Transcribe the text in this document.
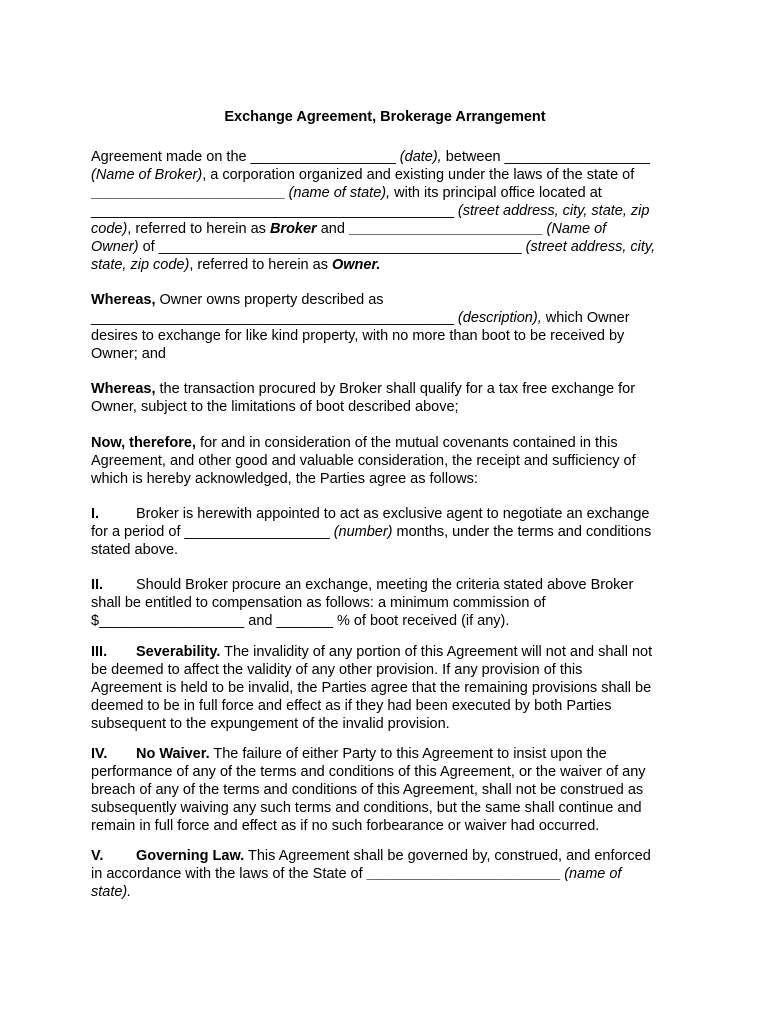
Exchange Agreement, Brokerage Arrangement
Agreement made on the __________________ (date), between __________________
(Name of Broker), a corporation organized and existing under the laws of the state of
________________________ (name of state), with its principal office located at
_____________________________________________ (street address, city, state, zip
code), referred to herein as Broker and ________________________ (Name of
Owner) of _____________________________________________ (street address, city,
state, zip code), referred to herein as Owner.
Whereas, Owner owns property described as
_____________________________________________ (description), which Owner
desires to exchange for like kind property, with no more than boot to be received by
Owner; and
Whereas, the transaction procured by Broker shall qualify for a tax free exchange for
Owner, subject to the limitations of boot described above;
Now, therefore, for and in consideration of the mutual covenants contained in this
Agreement, and other good and valuable consideration, the receipt and sufficiency of
which is hereby acknowledged, the Parties agree as follows:
I.	Broker is herewith appointed to act as exclusive agent to negotiate an exchange
for a period of __________________ (number) months, under the terms and conditions
stated above.
II. Should Broker procure an exchange, meeting the criteria stated above Broker
shall be entitled to compensation as follows: a minimum commission of
$__________________ and _______ % of boot received (if any).
III. Severability. The invalidity of any portion of this Agreement will not and shall not
be deemed to affect the validity of any other provision. If any provision of this
Agreement is held to be invalid, the Parties agree that the remaining provisions shall be
deemed to be in full force and effect as if they had been executed by both Parties
subsequent to the expungement of the invalid provision.
IV. No Waiver. The failure of either Party to this Agreement to insist upon the
performance of any of the terms and conditions of this Agreement, or the waiver of any
breach of any of the terms and conditions of this Agreement, shall not be construed as
subsequently waiving any such terms and conditions, but the same shall continue and
remain in full force and effect as if no such forbearance or waiver had occurred.
V. Governing Law. This Agreement shall be governed by, construed, and enforced
in accordance with the laws of the State of ________________________ (name of
state).
